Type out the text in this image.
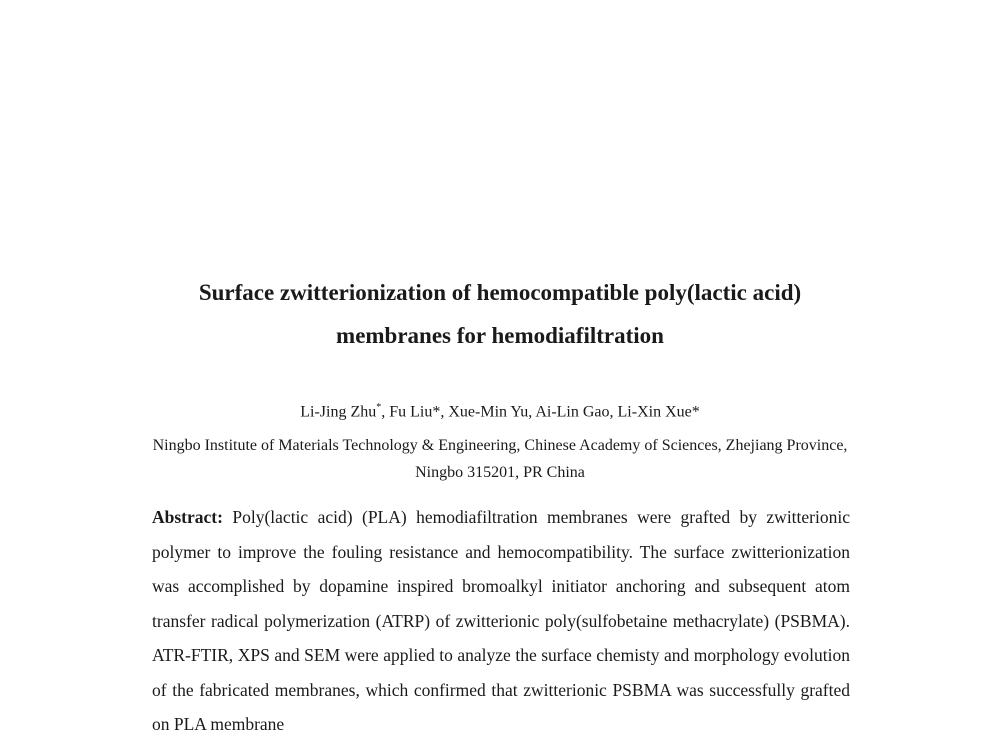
Surface zwitterionization of hemocompatible poly(lactic acid)
membranes for hemodiafiltration
Li-Jing Zhu*, Fu Liu*, Xue-Min Yu, Ai-Lin Gao, Li-Xin Xue*
Ningbo Institute of Materials Technology & Engineering, Chinese Academy of Sciences, Zhejiang Province, Ningbo 315201, PR China
Abstract: Poly(lactic acid) (PLA) hemodiafiltration membranes were grafted by zwitterionic polymer to improve the fouling resistance and hemocompatibility. The surface zwitterionization was accomplished by dopamine inspired bromoalkyl initiator anchoring and subsequent atom transfer radical polymerization (ATRP) of zwitterionic poly(sulfobetaine methacrylate) (PSBMA). ATR-FTIR, XPS and SEM were applied to analyze the surface chemisty and morphology evolution of the fabricated membranes, which confirmed that zwitterionic PSBMA was successfully grafted on PLA membrane
